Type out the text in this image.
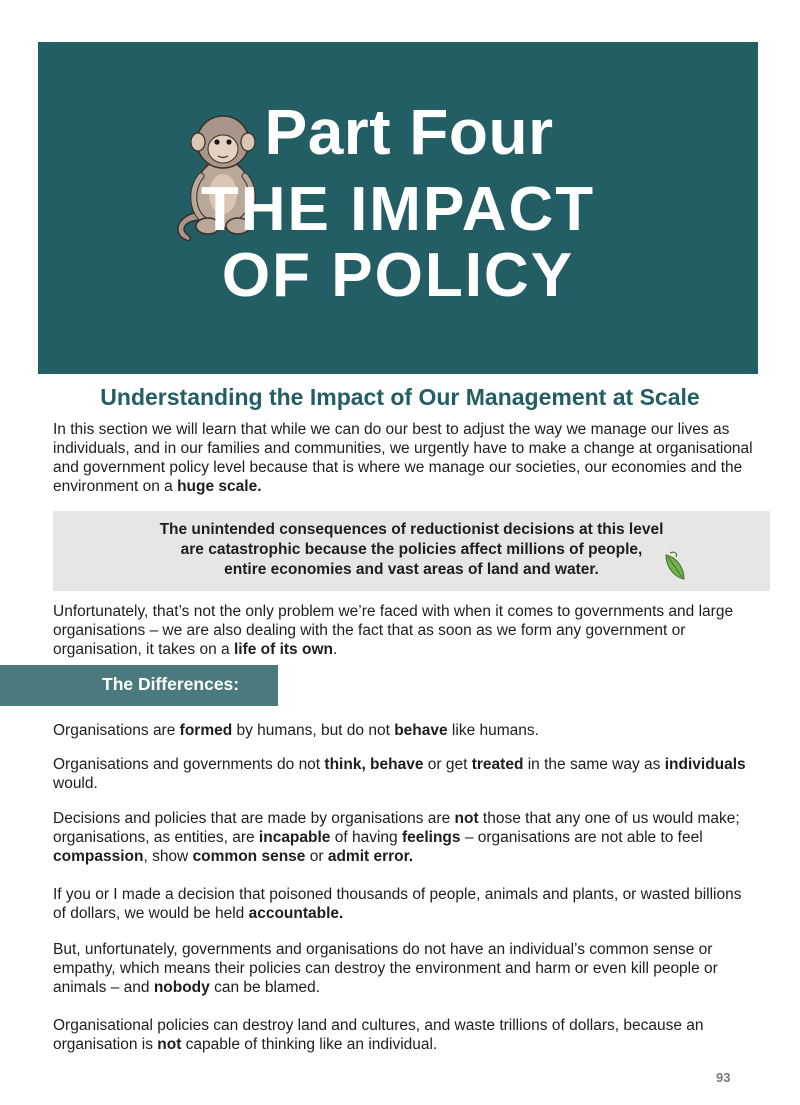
Part Four
THE IMPACT
OF POLICY
Understanding the Impact of Our Management at Scale

In this section we will learn that while we can do our best to adjust the way we manage our lives as individuals, and in our families and communities, we urgently have to make a change at organisational and government policy level because that is where we manage our societies, our economies and the environment on a huge scale.

The unintended consequences of reductionist decisions at this level
are catastrophic because the policies affect millions of people,
entire economies and vast areas of land and water.

Unfortunately, that’s not the only problem we’re faced with when it comes to governments and large organisations – we are also dealing with the fact that as soon as we form any government or organisation, it takes on a life of its own.

The Differences:

Organisations are formed by humans, but do not behave like humans.

Organisations and governments do not think, behave or get treated in the same way as individuals would.

Decisions and policies that are made by organisations are not those that any one of us would make; organisations, as entities, are incapable of having feelings – organisations are not able to feel compassion, show common sense or admit error.

If you or I made a decision that poisoned thousands of people, animals and plants, or wasted billions of dollars, we would be held accountable.

But, unfortunately, governments and organisations do not have an individual’s common sense or empathy, which means their policies can destroy the environment and harm or even kill people or animals – and nobody can be blamed.

Organisational policies can destroy land and cultures, and waste trillions of dollars, because an organisation is not capable of thinking like an individual.

93
